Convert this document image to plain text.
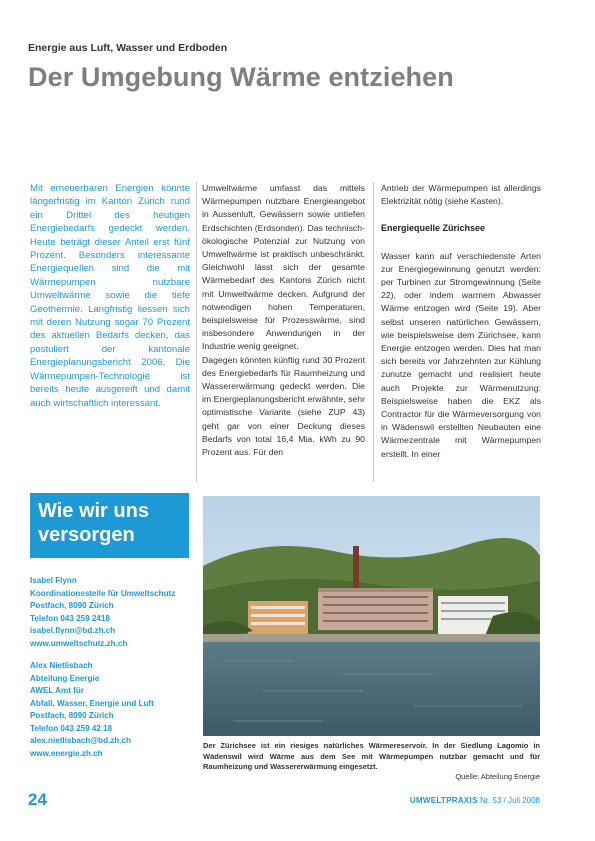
Energie aus Luft, Wasser und Erdboden
Der Umgebung Wärme entziehen
Mit erneuerbaren Energien könnte längerfristig im Kanton Zürich rund ein Drittel des heutigen Energiebedarfs gedeckt werden. Heute beträgt dieser Anteil erst fünf Prozent. Besonders interessante Energiequellen sind die mit Wärmepumpen nutzbare Umweltwärme sowie die tiefe Geothermie. Langfristig liessen sich mit deren Nutzung sogar 70 Prozent des aktuellen Bedarfs decken, das postuliert der kantonale Energieplanungsbericht 2006. Die Wärmepumpen-Technologie ist bereits heute ausgereift und damit auch wirtschaftlich interessant.

Umweltwärme umfasst das mittels Wärmepumpen nutzbare Energieangebot in Aussenluft, Gewässern sowie untiefen Erdschichten (Erdsonden). Das technisch-ökologische Potenzial zur Nutzung von Umweltwärme ist praktisch unbeschränkt. Gleichwohl lässt sich der gesamte Wärmebedarf des Kantons Zürich nicht mit Umweltwärme decken. Aufgrund der notwendigen hohen Temperaturen, beispielsweise für Prozesswärme, sind insbesondere Anwendungen in der Industrie wenig geeignet.

Dagegen könnten künftig rund 30 Prozent des Energiebedarfs für Raumheizung und Wassererwärmung gedeckt werden. Die im Energieplanungsbericht erwähnte, sehr optimistische Variante (siehe ZUP 43) geht gar von einer Deckung dieses Bedarfs von total 16,4 Mia. kWh zu 90 Prozent aus. Für den

Antrieb der Wärmepumpen ist allerdings Elektrizität nötig (siehe Kasten).

Energiequelle Zürichsee

Wasser kann auf verschiedenste Arten zur Energiegewinnung genutzt werden: per Turbinen zur Stromgewinnung (Seite 22), oder indem warmem Abwasser Wärme entzogen wird (Seite 19). Aber selbst unseren natürlichen Gewässern, wie beispielsweise dem Zürichsee, kann Energie entzogen werden. Dies hat man sich bereits vor Jahrzehnten zur Kühlung zunutze gemacht und realisiert heute auch Projekte zur Wärmenutzung: Beispielsweise haben die EKZ als Contractor für die Wärmeversorgung von in Wädenswil erstellten Neubauten eine Wärmezentrale mit Wärmepumpen erstellt. In einer

Wie wir uns
versorgen
Isabel Flynn
Koordinationsstelle für Umweltschutz
Postfach, 8090 Zürich
Telefon 043 259 2418
isabel.flynn@bd.zh.ch
www.umweltschutz.zh.ch
Alex Nietlisbach
Abteilung Energie
AWEL Amt für
Abfall, Wasser, Energie und Luft
Postfach, 8090 Zürich
Telefon 043 259 42 18
alex.nietlisbach@bd.zh.ch
www.energie.zh.ch
Der Zürichsee ist ein riesiges natürliches Wärmereservoir. In der Siedlung Lagomio in Wädenswil wird Wärme aus dem See mit Wärmepumpen nutzbar gemacht und für Raumheizung und Wassererwärmung eingesetzt.
Quelle: Abteilung Energie
24	UMWELTPRAXIS Nr. 53 / Juli 2008
